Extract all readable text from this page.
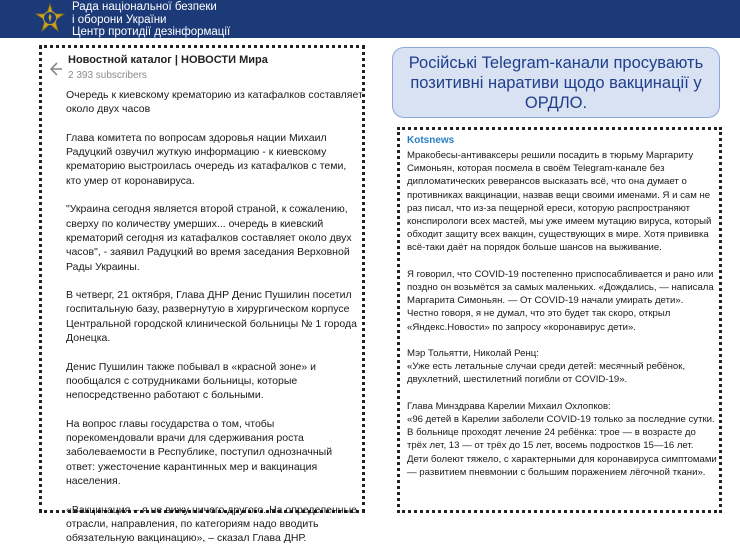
Рада національної безпеки
і оборони України
Центр протидії дезінформації
Новостной каталог | НОВОСТИ Мира
2 393 subscribers

Очередь к киевскому крематорию из катафалков составляет около двух часов

Глава комитета по вопросам здоровья нации Михаил Радуцкий озвучил жуткую информацию - к киевскому крематорию выстроилась очередь из катафалков с теми, кто умер от коронавируса.

"Украина сегодня является второй страной, к сожалению, сверху по количеству умерших... очередь в киевский крематорий сегодня из катафалков составляет около двух часов", - заявил Радуцкий во время заседания Верховной Рады Украины.

В четверг, 21 октября, Глава ДНР Денис Пушилин посетил госпитальную базу, развернутую в хирургическом корпусе Центральной городской клинической больницы № 1 города Донецка.

Денис Пушилин также побывал в «красной зоне» и пообщался с сотрудниками больницы, которые непосредственно работают с больными.

На вопрос главы государства о том, чтобы порекомендовали врачи для сдерживания роста заболеваемости в Республике, поступил однозначный ответ: ужесточение карантинных мер и вакцинация населения.

«Вакцинация – я не вижу ничего другого. На определенные отрасли, направления, по категориям надо вводить обязательную вакцинацию», – сказал Глава ДНР.

Російські Telegram-канали просувають позитивні наративи щодо вакцинації у ОРДЛО.
Kotsnews

Мракобесы-антиваксеры решили посадить в тюрьму Маргариту Симоньян, которая посмела в своём Telegram-канале без дипломатических реверансов высказать всё, что она думает о противниках вакцинации, назвав вещи своими именами. Я и сам не раз писал, что из-за пещерной ереси, которую распространяют конспирологи всех мастей, мы уже имеем мутацию вируса, который обходит защиту всех вакцин, существующих в мире. Хотя прививка всё-таки даёт на порядок больше шансов на выживание.

Я говорил, что COVID-19 постепенно приспосабливается и рано или поздно он возьмётся за самых маленьких. «Дождались, — написала Маргарита Симоньян. — От COVID-19 начали умирать дети». Честно говоря, я не думал, что это будет так скоро, открыл «Яндекс.Новости» по запросу «коронавирус дети».

Мэр Тольятти, Николай Ренц:
«Уже есть летальные случаи среди детей: месячный ребёнок, двухлетний, шестилетний погибли от COVID-19».

Глава Минздрава Карелии Михаил Охлопков:
«96 детей в Карелии заболели COVID-19 только за последние сутки. В больнице проходят лечение 24 ребёнка: трое — в возрасте до трёх лет, 13 — от трёх до 15 лет, восемь подростков 15—16 лет. Дети болеют тяжело, с характерными для коронавируса симптомами — развитием пневмонии с большим поражением лёгочной ткани».
